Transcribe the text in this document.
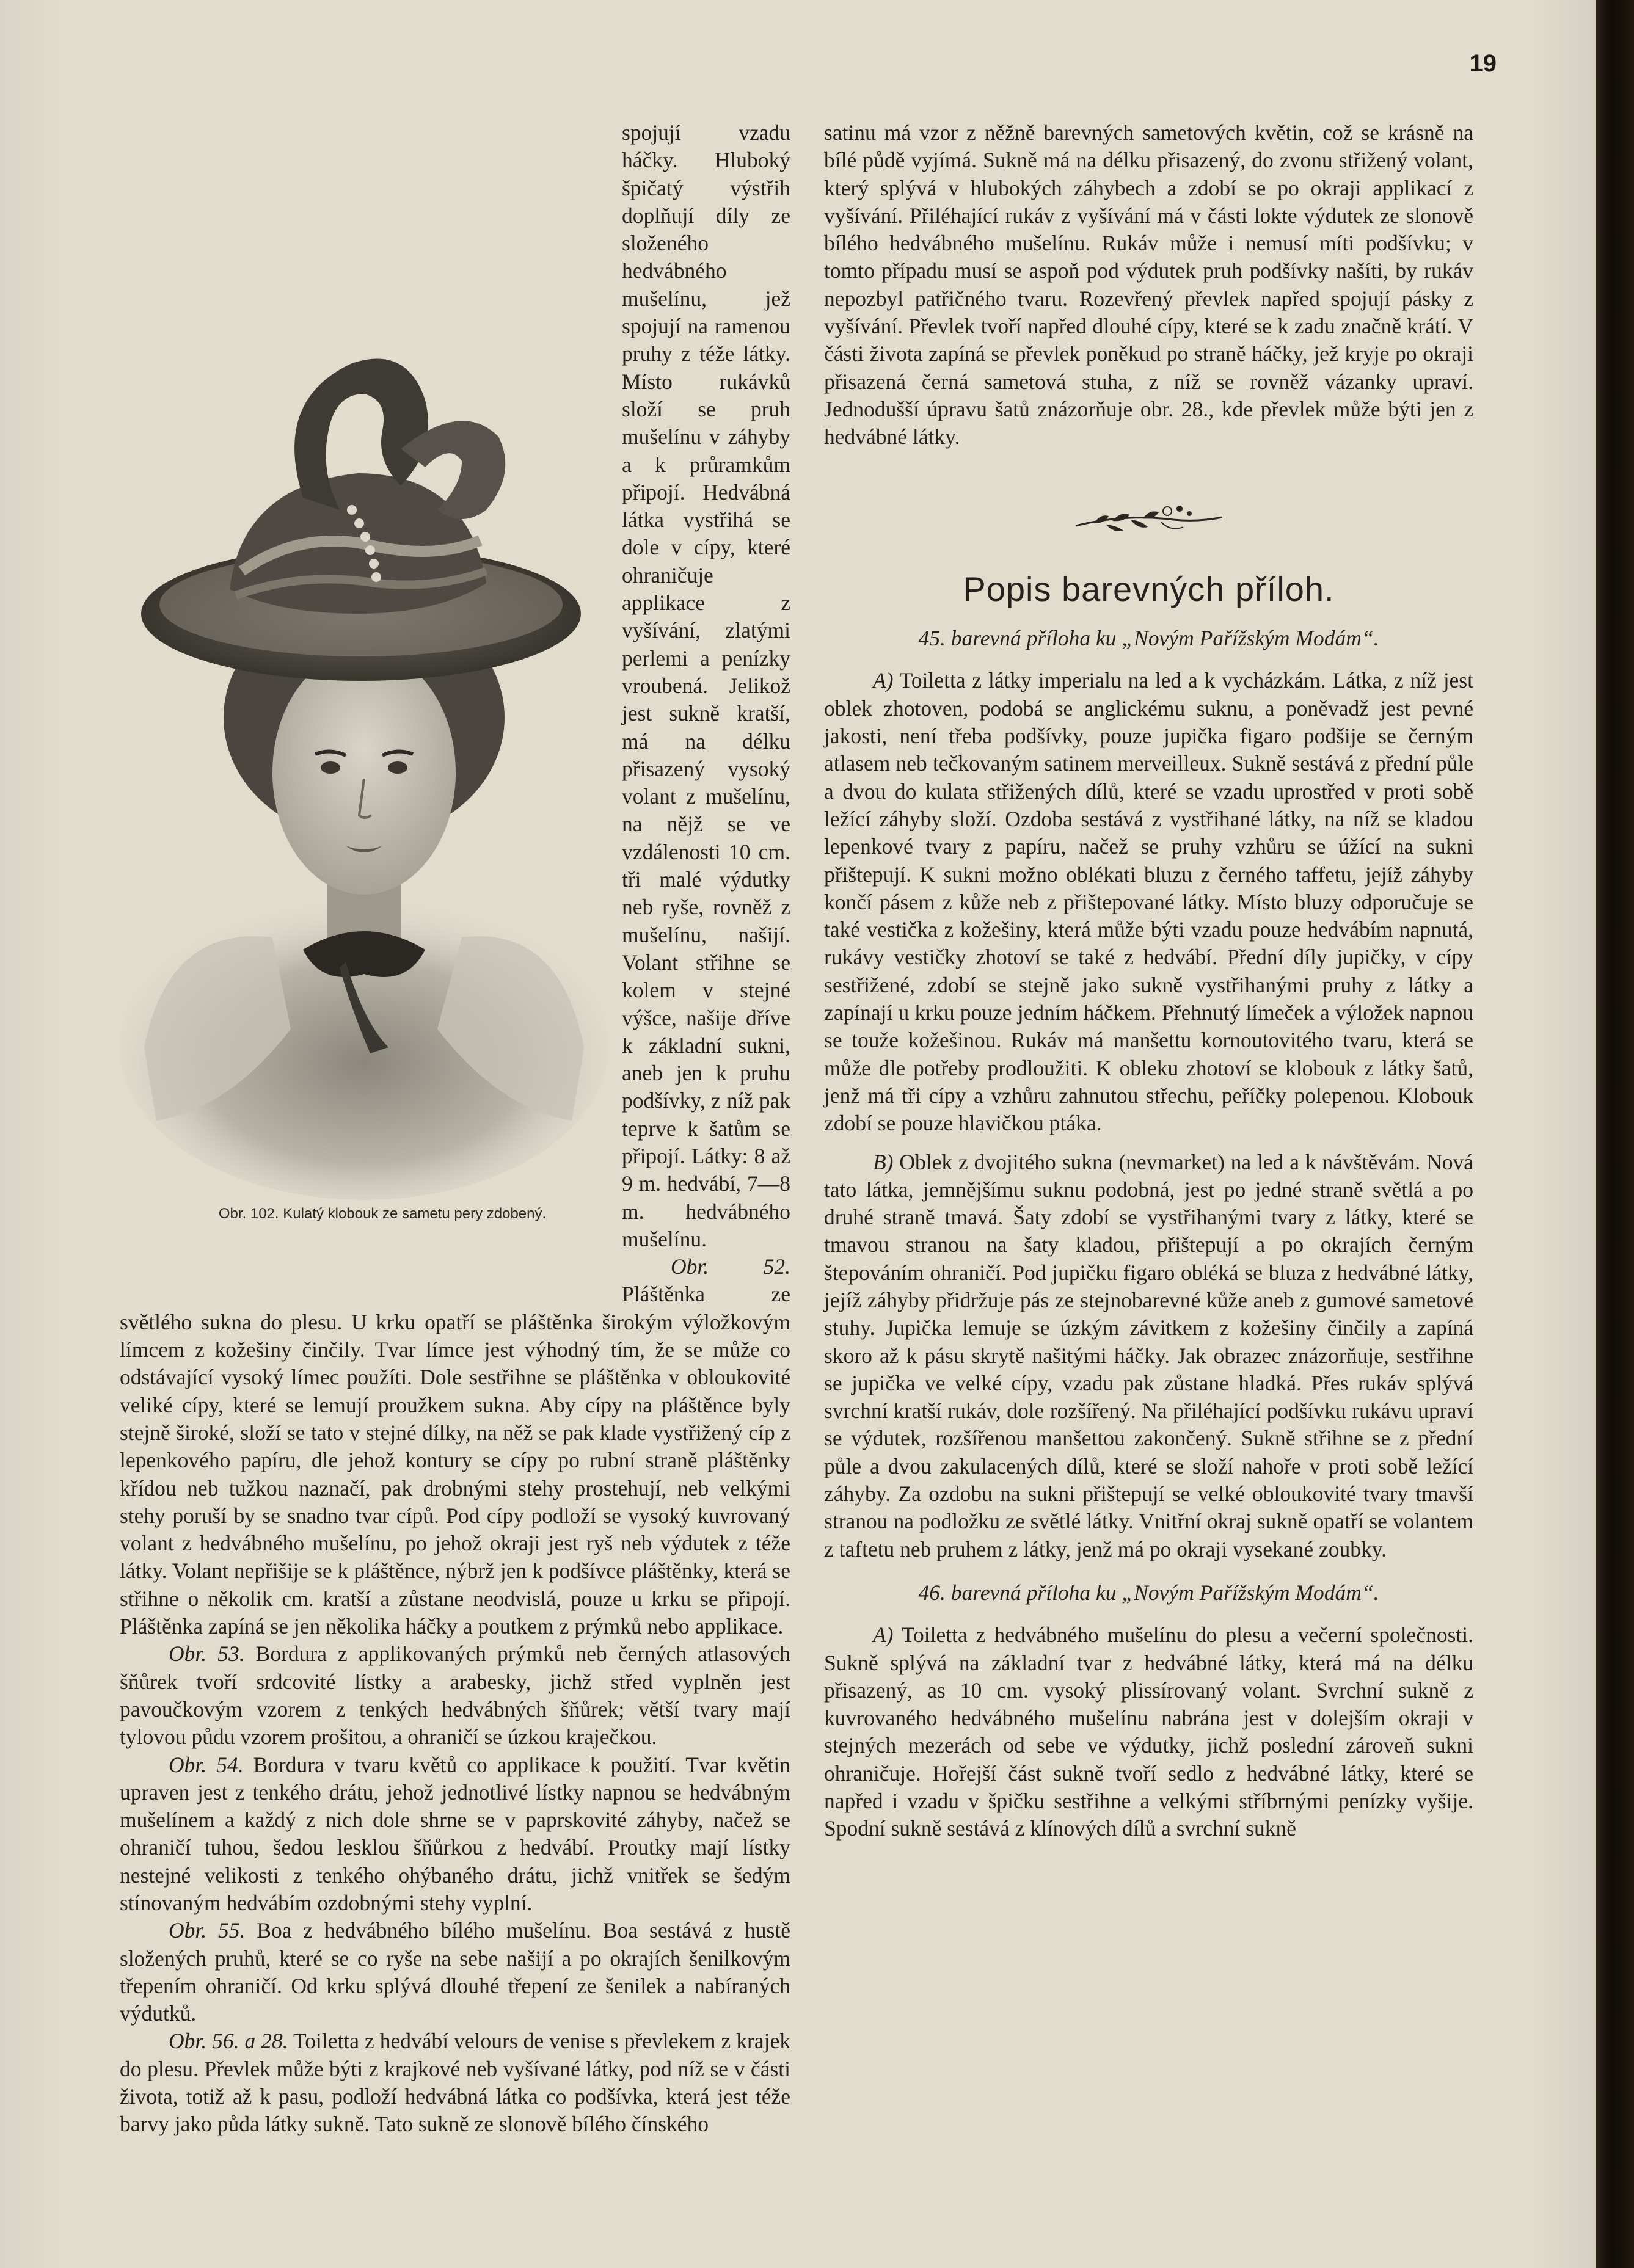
19
Obr. 102. Kulatý klobouk ze sametu pery zdobený.

spojují vzadu háčky. Hluboký špičatý výstřih doplňují díly ze složeného hedvábného mušelínu, jež spojují na ramenou pruhy z téže látky. Místo rukávků složí se pruh mušelínu v záhyby a k průramkům připojí. Hedvábná látka vystřihá se dole v cípy, které ohraničuje applikace z vyšívání, zlatými perlemi a penízky vroubená. Jelikož jest sukně kratší, má na délku přisazený vysoký volant z mušelínu, na nějž se ve vzdálenosti 10 cm. tři malé výdutky neb ryše, rovněž z mušelínu, našijí. Volant střihne se kolem v stejné výšce, našije dříve k základní sukni, aneb jen k pruhu podšívky, z níž pak teprve k šatům se připojí. Látky: 8 až 9 m. hedvábí, 7—8 m. hedvábného mušelínu.

Obr. 52. Pláštěnka ze světlého sukna do plesu. U krku opatří se pláštěnka širokým výložkovým límcem z kožešiny činčily. Tvar límce jest výhodný tím, že se může co odstávající vysoký límec použíti. Dole sestřihne se pláštěnka v obloukovité veliké cípy, které se lemují proužkem sukna. Aby cípy na pláštěnce byly stejně široké, složí se tato v stejné dílky, na něž se pak klade vystřižený cíp z lepenkového papíru, dle jehož kontury se cípy po rubní straně pláštěnky křídou neb tužkou naznačí, pak drobnými stehy prostehují, neb velkými stehy poruší by se snadno tvar cípů. Pod cípy podloží se vysoký kuvrovaný volant z hedvábného mušelínu, po jehož okraji jest ryš neb výdutek z téže látky. Volant nepřišije se k pláštěnce, nýbrž jen k podšívce pláštěnky, která se střihne o několik cm. kratší a zůstane neodvislá, pouze u krku se připojí. Pláštěnka zapíná se jen několika háčky a poutkem z prýmků nebo applikace.

Obr. 53. Bordura z applikovaných prýmků neb černých atlasových šňůrek tvoří srdcovité lístky a arabesky, jichž střed vyplněn jest pavoučkovým vzorem z tenkých hedvábných šňůrek; větší tvary mají tylovou půdu vzorem prošitou, a ohraničí se úzkou kraječkou.

Obr. 54. Bordura v tvaru květů co applikace k použití. Tvar květin upraven jest z tenkého drátu, jehož jednotlivé lístky napnou se hedvábným mušelínem a každý z nich dole shrne se v paprskovité záhyby, načež se ohraničí tuhou, šedou lesklou šňůrkou z hedvábí. Proutky mají lístky nestejné velikosti z tenkého ohýbaného drátu, jichž vnitřek se šedým stínovaným hedvábím ozdobnými stehy vyplní.

Obr. 55. Boa z hedvábného bílého mušelínu. Boa sestává z hustě složených pruhů, které se co ryše na sebe našijí a po okrajích šenilkovým třepením ohraničí. Od krku splývá dlouhé třepení ze šenilek a nabíraných výdutků.

Obr. 56. a 28. Toiletta z hedvábí velours de venise s převlekem z krajek do plesu. Převlek může býti z krajkové neb vyšívané látky, pod níž se v části života, totiž až k pasu, podloží hedvábná látka co podšívka, která jest téže barvy jako půda látky sukně. Tato sukně ze slonově bílého čínského

satinu má vzor z něžně barevných sametových květin, což se krásně na bílé půdě vyjímá. Sukně má na délku přisazený, do zvonu střižený volant, který splývá v hlubokých záhybech a zdobí se po okraji applikací z vyšívání. Přiléhající rukáv z vyšívání má v části lokte výdutek ze slonově bílého hedvábného mušelínu. Rukáv může i nemusí míti podšívku; v tomto případu musí se aspoň pod výdutek pruh podšívky našíti, by rukáv nepozbyl patřičného tvaru. Rozevřený převlek napřed spojují pásky z vyšívání. Převlek tvoří napřed dlouhé cípy, které se k zadu značně krátí. V části života zapíná se převlek poněkud po straně háčky, jež kryje po okraji přisazená černá sametová stuha, z níž se rovněž vázanky upraví. Jednodušší úpravu šatů znázorňuje obr. 28., kde převlek může býti jen z hedvábné látky.

Popis barevných příloh.

45. barevná příloha ku „Novým Pařížským Modám“.

A) Toiletta z látky imperialu na led a k vycházkám. Látka, z níž jest oblek zhotoven, podobá se anglickému suknu, a poněvadž jest pevné jakosti, není třeba podšívky, pouze jupička figaro podšije se černým atlasem neb tečkovaným satinem merveilleux. Sukně sestává z přední půle a dvou do kulata střižených dílů, které se vzadu uprostřed v proti sobě ležící záhyby složí. Ozdoba sestává z vystřihané látky, na níž se kladou lepenkové tvary z papíru, načež se pruhy vzhůru se úžící na sukni přištepují. K sukni možno oblékati bluzu z černého taffetu, jejíž záhyby končí pásem z kůže neb z přištepované látky. Místo bluzy odporučuje se také vestička z kožešiny, která může býti vzadu pouze hedvábím napnutá, rukávy vestičky zhotoví se také z hedvábí. Přední díly jupičky, v cípy sestřižené, zdobí se stejně jako sukně vystřihanými pruhy z látky a zapínají u krku pouze jedním háčkem. Přehnutý límeček a výložek napnou se touže kožešinou. Rukáv má manšettu kornoutovitého tvaru, která se může dle potřeby prodloužiti. K obleku zhotoví se klobouk z látky šatů, jenž má tři cípy a vzhůru zahnutou střechu, peříčky polepenou. Klobouk zdobí se pouze hlavičkou ptáka.

B) Oblek z dvojitého sukna (nevmarket) na led a k návštěvám. Nová tato látka, jemnějšímu suknu podobná, jest po jedné straně světlá a po druhé straně tmavá. Šaty zdobí se vystřihanými tvary z látky, které se tmavou stranou na šaty kladou, přištepují a po okrajích černým štepováním ohraničí. Pod jupičku figaro obléká se bluza z hedvábné látky, jejíž záhyby přidržuje pás ze stejnobarevné kůže aneb z gumové sametové stuhy. Jupička lemuje se úzkým závitkem z kožešiny činčily a zapíná skoro až k pásu skrytě našitými háčky. Jak obrazec znázorňuje, sestřihne se jupička ve velké cípy, vzadu pak zůstane hladká. Přes rukáv splývá svrchní kratší rukáv, dole rozšířený. Na přiléhající podšívku rukávu upraví se výdutek, rozšířenou manšettou zakončený. Sukně střihne se z přední půle a dvou zakulacených dílů, které se složí nahoře v proti sobě ležící záhyby. Za ozdobu na sukni přištepují se velké obloukovité tvary tmavší stranou na podložku ze světlé látky. Vnitřní okraj sukně opatří se volantem z taftetu neb pruhem z látky, jenž má po okraji vysekané zoubky.

46. barevná příloha ku „Novým Pařížským Modám“.

A) Toiletta z hedvábného mušelínu do plesu a večerní společnosti. Sukně splývá na základní tvar z hedvábné látky, která má na délku přisazený, as 10 cm. vysoký plissírovaný volant. Svrchní sukně z kuvrovaného hedvábného mušelínu nabrána jest v dolejším okraji v stejných mezerách od sebe ve výdutky, jichž poslední zároveň sukni ohraničuje. Hořejší část sukně tvoří sedlo z hedvábné látky, které se napřed i vzadu v špičku sestřihne a velkými stříbrnými penízky vyšije. Spodní sukně sestává z klínových dílů a svrchní sukně
